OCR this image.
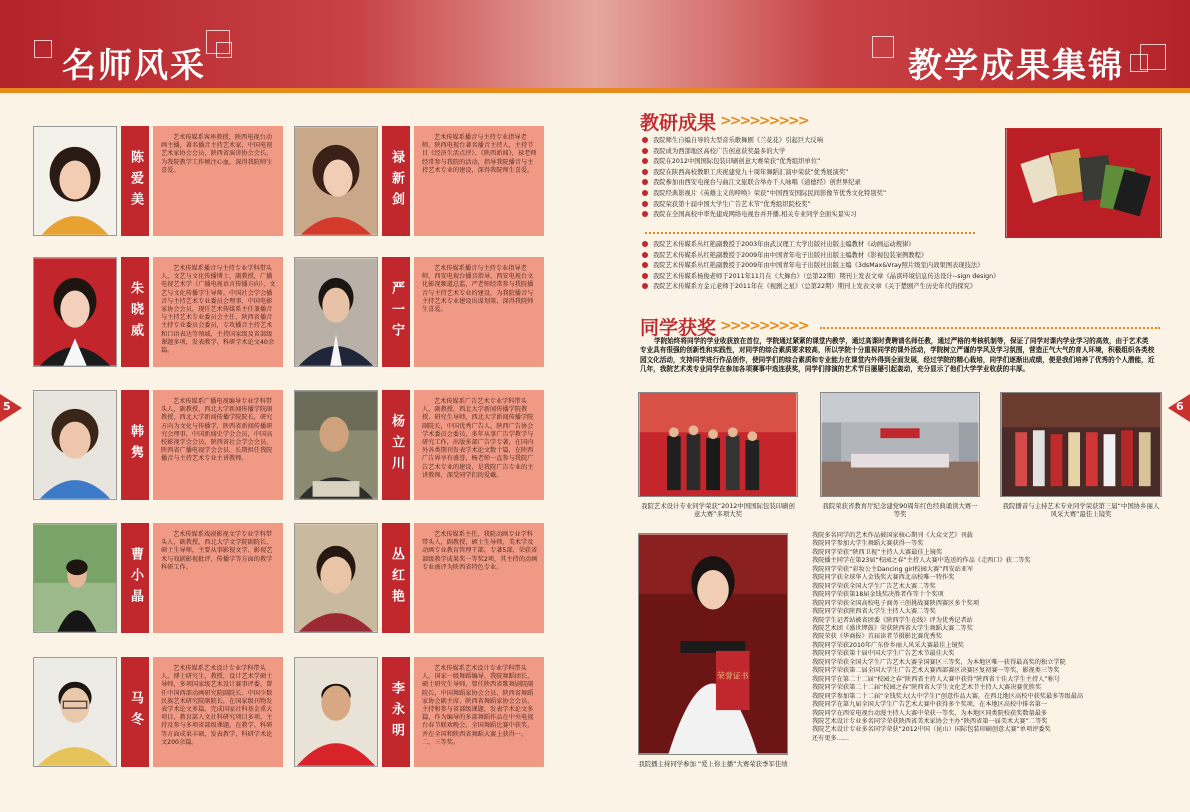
名师风采	教学成果集锦
5	6
陈爱美
艺术传媒系客座教授，陕西电视台动画主播，著名播音主持艺术家，中国电视艺术家协会会员，陕西省演讲协会会长，为我院教学工作倾注心血，深得我院师生喜爱。	禄新剑
艺术传媒系播音与主持专业指导老师，陕西电视台著名播音主持人，主持节目《经济生活点评》、《陕西新闻》，禄老师经常参与我院的活动，指导我院播音与主持艺术专业的建设，深得我院师生喜爱。
朱晓威
艺术传媒系播音与主持专业学科带头人，文艺与文化传播博士，副教授，广播电视艺术学（广播电视语言传播方向）、文艺与文化传播学生导师。中国社会学会播音与主持艺术专业委员会理事、中国电影家协会会员，现任艺术传媒系主任兼播音与主持艺术专业委员会主任、陕西省播音主持专业委员会委员，专攻播音主持艺术和口语表达等领域，主持国家级及省部级课题多项，发表教学、科研学术论文40余篇。
严一宁
艺术传媒系播音与主持专业指导老师，西安电视台播音指导，西安电视台文化影视频道总监，严老师经常参与我院播音与主持艺术专业的建设，为我院播音与主持艺术专业建设出谋划策，深得我院师生喜爱。
韩隽
艺术传媒系广播电视编导专业学科带头人，副教授，西北大学新闻传播学院副教授，西北大学新闻传播学院院长，研究方向为文化与传播学，陕西省新闻传播研究会理事，中国新闻史学会会员，中国高校影视学会会员，陕西省社会学会会员，陕西省广播电视学会会员，长期担任我院播音与主持艺术专业主讲教师。	杨立川
艺术传媒系广告艺术专业学科带头人，副教授，西北大学新闻传播学院教授、研究生导师，西北大学新闻传播学院副院长，中国优秀广告人，陕西广告协会学术委员会委员，多年从事广告学教学与研究工作，出版多部广告学专著，在国内外各类期刊发表学术论文数十篇，在陕西广告界享有盛誉，杨老师一直参与我院广告艺术专业的建设，是我院广告专业的主讲教师，深受同学们的爱戴。
曹小晶
艺术传媒系戏剧影视文学专业学科带头人，副教授，西北大学文学院副院长，硕士生导师，主要从事影视文学、影视艺术与戏剧影视批评、传播学等方面的教学科研工作。	丛红艳
艺术传媒系主任，我院动画专业学科带头人，副教授，硕士生导师，美术学及动画专业教育管理干部，专著5部，荣获省部级教学成果奖一等奖2项，其主持的动画专业被评为陕西省特色专业。
马冬
艺术传媒系艺术设计专业学科带头人，博士研究生，教授，设计艺术学硕士导师，多项国家级艺术设计赛事评委，曾任中国西部动画研究院副院长、中国少数民族艺术研究院副院长，在国家级刊物发表学术论文多篇，完成国家社科基金重大项目，教育部人文社科研究项目多项，主持及参与多项省部级课题，在教学、科研等方面成果丰硕，发表教学、科研学术论文200余篇。	李永明
艺术传媒系艺术设计专业学科带头人，国家一级舞蹈编导，我院舞蹈团长，硕士研究生导师，曾任陕西省歌舞剧院副院长，中国舞蹈家协会会员，陕西省舞蹈家协会副主席，陕西省舞蹈家协会会员，主持和参与省部级课题，发表学术论文多篇，作为编导的多部舞蹈作品在中央电视台春节联欢晚会、全国舞蹈比赛中获奖，并在全国和陕西省舞蹈大赛上获得一、二、三等奖。
教研成果 >>>>>>>>>
我院师生自编自导的大型音乐歌舞剧《兰花花》引起巨大反响
我院成为西部地区高校广告创意获奖最多的大学
我院在2012中国国际包装印刷创意大赛荣获“优秀组织单位”
我院在陕西高校教职工庆祝建党九十周年舞蹈汇演中荣获“优秀展演奖”
我院参加由西安电视台与曲江文旅联合举办千人咏唱《道德经》创世界纪录
我院经典影视片《英雄主义的呼唤》荣获“中国西安国际民间影像节优秀文化特别奖”
我院荣获第十届中国大学生广告艺术节“优秀组织院校奖”
我院在全国高校中率先建成网络电视台并开播,相关专业同学全面实景实习
我院艺术传媒系丛红艳副教授于2003年由武汉理工大学出版社出版主编教材《动画运动规律》
我院艺术传媒系丛红艳副教授于2009年由中国青年电子出版社出版主编教材《影视包装案例教程》
我院艺术传媒系丛红艳副教授于2009年由中国青年电子出版社出版主编《3dsMax&Vray照片级室内效果图表现技法》
我院艺术传媒系杨俊老师于2011年11月在《大舞台》（总第22期）期刊上发表文章《晶读环境信息传达设计--sign design》
我院艺术传媒系方金元老师于2011年在《视剧之星》（总第22期）期刊上发表文章《关于楚剧产生历史年代的探究》
同学获奖 >>>>>>>>>
学院始终将同学的学业收获放在首位，学院通过紧紧的课堂内教学，通过高课时费聘请名师任教，通过严格的考核机制等，保证了同学对课内学业学习的高效，由于艺术类专业具有很强的创新性和实践性，对同学的综合素质要求较高，所以学院十分重视同学的课外活动，学院树立严谨的学风及学习氛围，营造正气大气的育人环境，积极组织各类校园文化活动，支持同学进行作品创作，使同学们的综合素质和专业能力在课堂内外得到全面发展，经过学院的精心栽培，同学们逐渐出成绩，便是我们培养了优秀的个人潜能，近几年，我院艺术类专业同学在参加各项赛事中选连获奖，同学们排演的艺术节目屡屡引起轰动，充分显示了他们大学学业收获的丰厚。
我院艺术设计专业同学荣获“2012中国国际包装印刷创意大赛”多项大奖
我院荣获省教育厅纪念建党90周年红色经典诵读大赛一等奖
我院播音与主持艺术专业同学荣获第三届“中国协乡丽人风采大赛”最佳上镜奖
荣誉证书
我院播主持同学参加 “爱上你主播”大赛荣获季军佳绩
我院多名同学的艺术作品被国家核心期刊《大众文艺》刊载
我院同学参加大学生舞蹈大赛获得一等奖
我院同学荣获“陕西卫视”主持人大赛最佳上镜奖
我院播主同学在第23届“校园之春”主持人大赛中选送的作品《走西口》获二等奖
我院同学荣获“彩妆公主Dancing girl校园大赛”西安站亚军
我院同学获全球华人金钱奖大赛西北高校唯一特作奖
我院同学荣获全国大学生广告艺术大赛二等奖
我院同学荣获第18届金钱奖决胜者作等十个奖项
我院同学荣获全国高校电子商务三创挑战赛陕西赛区多个奖项
我院同学荣获陕西省大学生主持人大赛二等奖
我院学生记者站被省团委《陕西学生在线》评为优秀记者站
我院艺术团《盛世锣鼓》荣获陕西省大学生舞蹈大赛二等奖
我院荣获《华商报》首届读者节摄影比赛优秀奖
我院同学荣获2010年广东侨乡丽人风采大赛最佳上镜奖
我院同学荣获第十届中国大学生广告艺术节最佳大奖
我院同学荣获全国大学生广告艺术大赛全国赛区三等奖，为本地区唯一获得最高奖的独立学院
我院同学荣获第二届全国大学生广告艺术大赛西部赛区决赛区复初赛一等奖，影视类三等奖
我院同学在第二十二届“校园之春”陕西省主持人大赛中获得“陕西省十佳大学生主持人”称号
我院同学荣获第二十二届“校园之春”陕西省大学生文化艺术节主持人大赛决赛优胜奖
我院同学参加第二十二届“全钱奖大(大中学生)”创意作品大赛，在西北地区高校中获奖最多等级最高
我院同学在第九届全国大学生广告艺术大赛中获得多个奖项，在本地区高校中排名第一
我院同学在西安电视台动漫主持人大赛中荣获一等奖，为本地区同类院校获奖数量最多
我院艺术设计专业多名同学荣获陕西省美术家协会主办“陕西省第一届美术大赛”二等奖
我院艺术设计专业多名同学荣获“2012中国（昆山）国际包装印刷创意大赛”单项评委奖
还有更多……
